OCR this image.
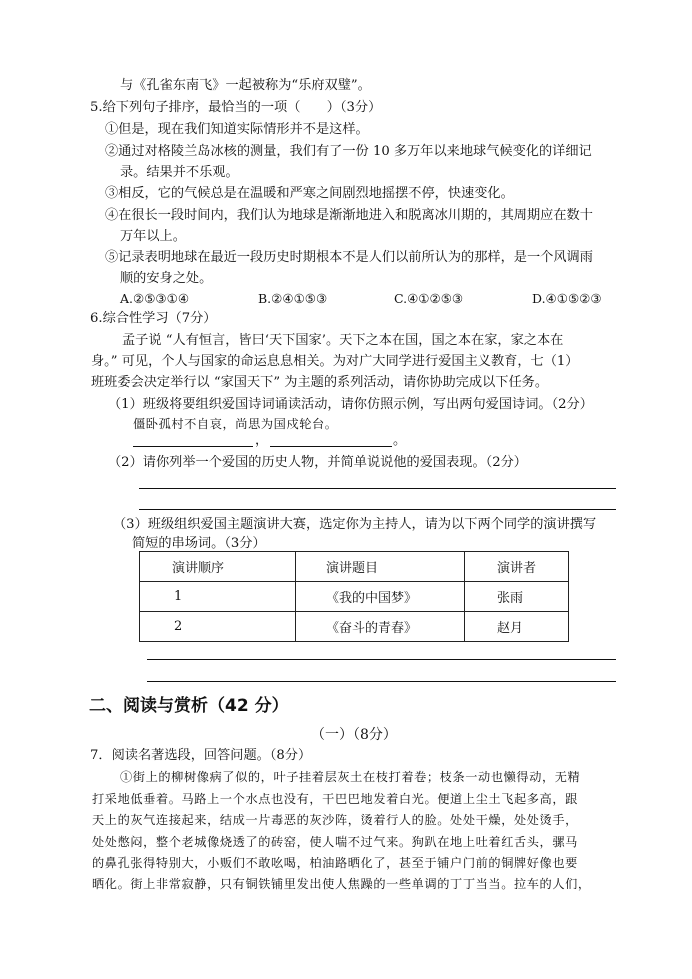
与《孔雀东南飞》一起被称为“乐府双璧”。
5.给下列句子排序，最恰当的一项（　　）（3分）
①但是，现在我们知道实际情形并不是这样。
②通过对格陵兰岛冰核的测量，我们有了一份 10 多万年以来地球气候变化的详细记
录。结果并不乐观。
③相反，它的气候总是在温暖和严寒之间剧烈地摇摆不停，快速变化。
④在很长一段时间内，我们认为地球是渐渐地进入和脱离冰川期的，其周期应在数十
万年以上。
⑤记录表明地球在最近一段历史时期根本不是人们以前所认为的那样，是一个风调雨
顺的安身之处。
A.②⑤③①④	B.②④①⑤③	C.④①②⑤③	D.④①⑤②③
6.综合性学习（7分）
孟子说 “人有恒言，皆曰‘天下国家’。天下之本在国，国之本在家，家之本在
身。” 可见，个人与国家的命运息息相关。为对广大同学进行爱国主义教育，七（1）
班班委会决定举行以 “家国天下” 为主题的系列活动，请你协助完成以下任务。
（1）班级将要组织爱国诗词诵读活动，请你仿照示例，写出两句爱国诗词。（2分）
僵卧孤村不自哀，尚思为国戍轮台。
，	。
（2）请你列举一个爱国的历史人物，并简单说说他的爱国表现。（2分）
（3）班级组织爱国主题演讲大赛，选定你为主持人，请为以下两个同学的演讲撰写
简短的串场词。（3分）
演讲顺序	演讲题目	演讲者
1	《我的中国梦》	张雨
2	《奋斗的青春》	赵月
二、阅读与赏析（42 分）
（一）（8分）
7．阅读名著选段，回答问题。（8分）
①街上的柳树像病了似的，叶子挂着层灰土在枝打着卷；枝条一动也懒得动，无精
打采地低垂着。马路上一个水点也没有，干巴巴地发着白光。便道上尘土飞起多高，跟
天上的灰气连接起来，结成一片毒恶的灰沙阵，烫着行人的脸。处处干燥，处处烫手，
处处憋闷，整个老城像烧透了的砖窑，使人喘不过气来。狗趴在地上吐着红舌头，骡马
的鼻孔张得特别大，小贩们不敢吆喝，柏油路晒化了，甚至于铺户门前的铜牌好像也要
晒化。街上非常寂静，只有铜铁铺里发出使人焦躁的一些单调的丁丁当当。拉车的人们，
